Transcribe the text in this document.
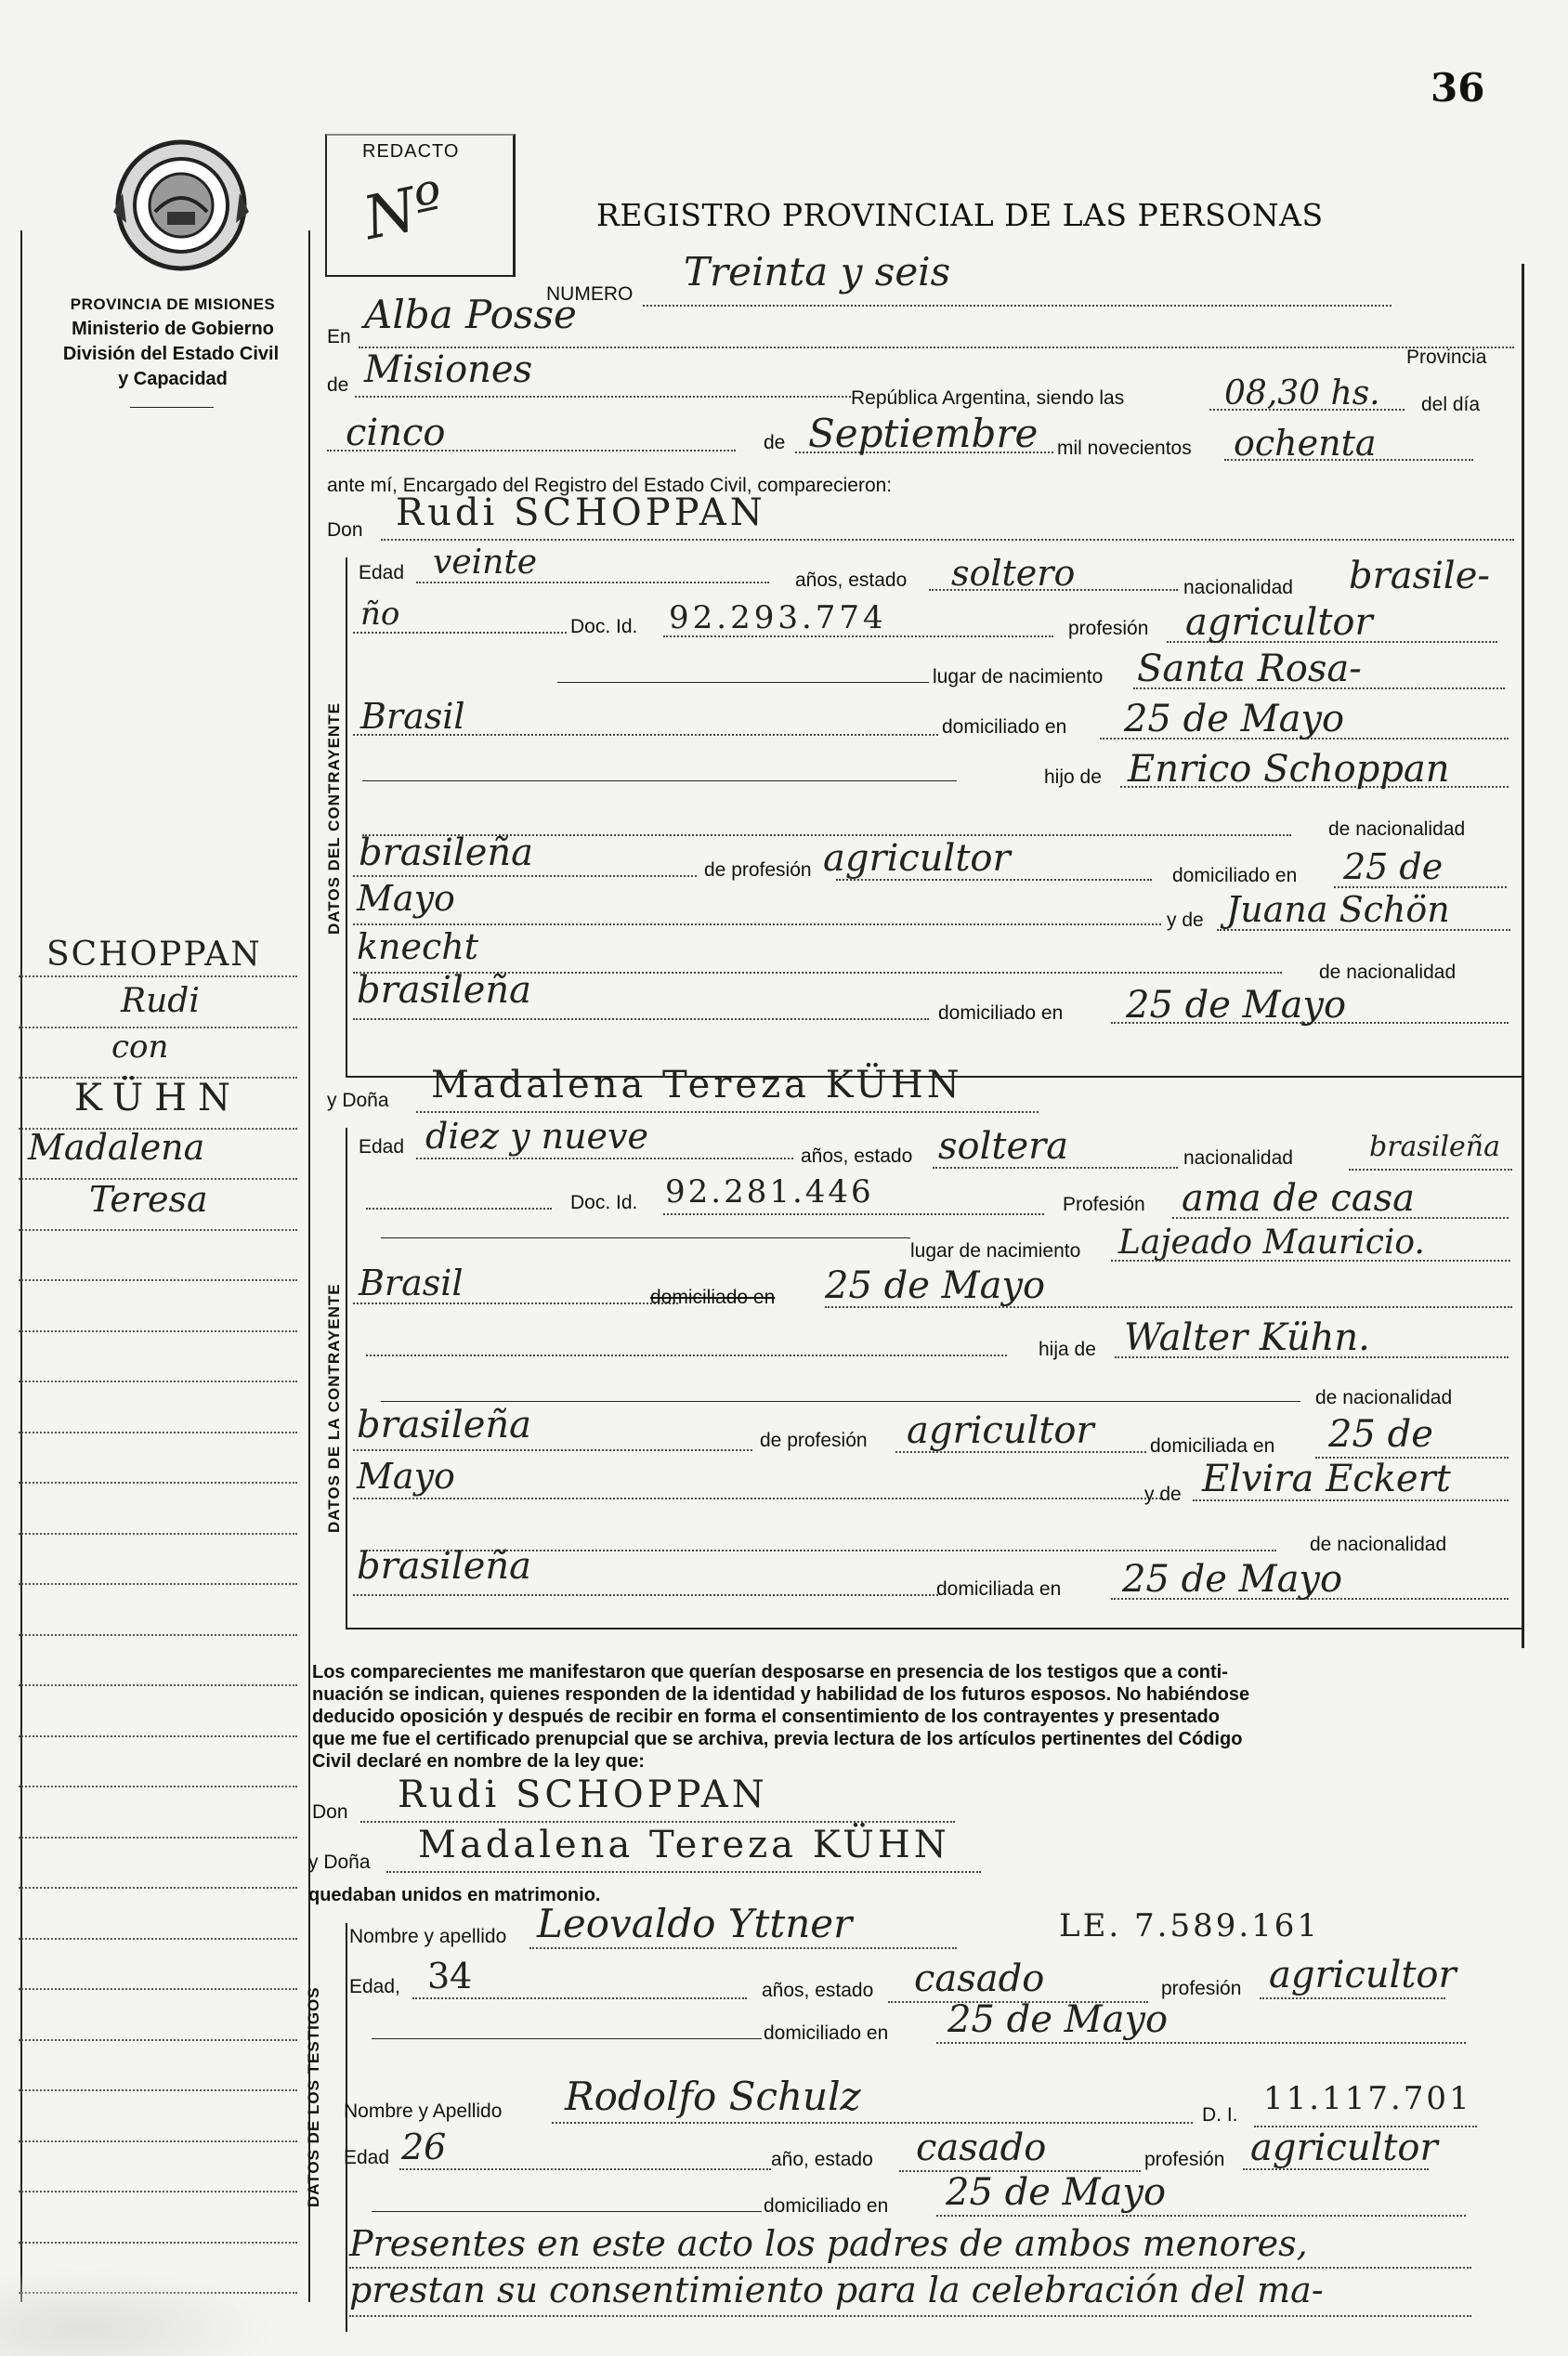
36
PROVINCIA DE MISIONES
Ministerio de Gobierno
División del Estado Civil
y Capacidad
REDACTO
Nº	REGISTRO PROVINCIAL DE LAS PERSONAS
NUMERO Treinta y seis
En Alba Posse
Provincia
de Misiones
República Argentina, siendo las	08,30 hs. del día
cinco	de Septiembre mil novecientos ochenta
ante mí, Encargado del Registro del Estado Civil, comparecieron:
Don Rudi SCHOPPAN
DATOS DEL CONTRAYENTE
Edad veinte	años, estado soltero	nacionalidad brasile-
ño	Doc. Id. 92.293.774	profesión agricultor
lugar de nacimiento Santa Rosa-
Brasil	domiciliado en 25 de Mayo
hijo de Enrico Schoppan
de nacionalidad
brasileña	de profesión agricultor	domiciliado en 25 de
Mayo
y de Juana Schön
knecht
de nacionalidad
brasileña
domiciliado en 25 de Mayo
y Doña Madalena Tereza KÜHN
DATOS DE LA CONTRAYENTE
Edad diez y nueve	años, estado soltera	nacionalidad	brasileña
Doc. Id. 92.281.446	Profesión ama de casa
lugar de nacimiento Lajeado Mauricio.
Brasil	domiciliado en 25 de Mayo
hija de Walter Kühn.
de nacionalidad
brasileña	de profesión agricultor	domiciliada en 25 de
Mayo	y de Elvira Eckert
de nacionalidad
brasileña
domiciliada en 25 de Mayo
Los comparecientes me manifestaron que querían desposarse en presencia de los testigos que a conti-
nuación se indican, quienes responden de la identidad y habilidad de los futuros esposos. No habiéndose
deducido oposición y después de recibir en forma el consentimiento de los contrayentes y presentado
que me fue el certificado prenupcial que se archiva, previa lectura de los artículos pertinentes del Código
Civil declaré en nombre de la ley que:
Don Rudi SCHOPPAN
y Doña Madalena Tereza KÜHN
quedaban unidos en matrimonio.
DATOS DE LOS TESTIGOS
Nombre y apellido Leovaldo Yttner	LE. 7.589.161
Edad, 34	años, estado casado	profesión agricultor
domiciliado en 25 de Mayo
Nombre y Apellido Rodolfo Schulz	D. I. 11.117.701
Edad 26	año, estado casado	profesión agricultor
domiciliado en 25 de Mayo
Presentes en este acto los padres de ambos menores,
prestan su consentimiento para la celebración del ma-
SCHOPPAN
Rudi
con
KÜHN
Madalena
Teresa
